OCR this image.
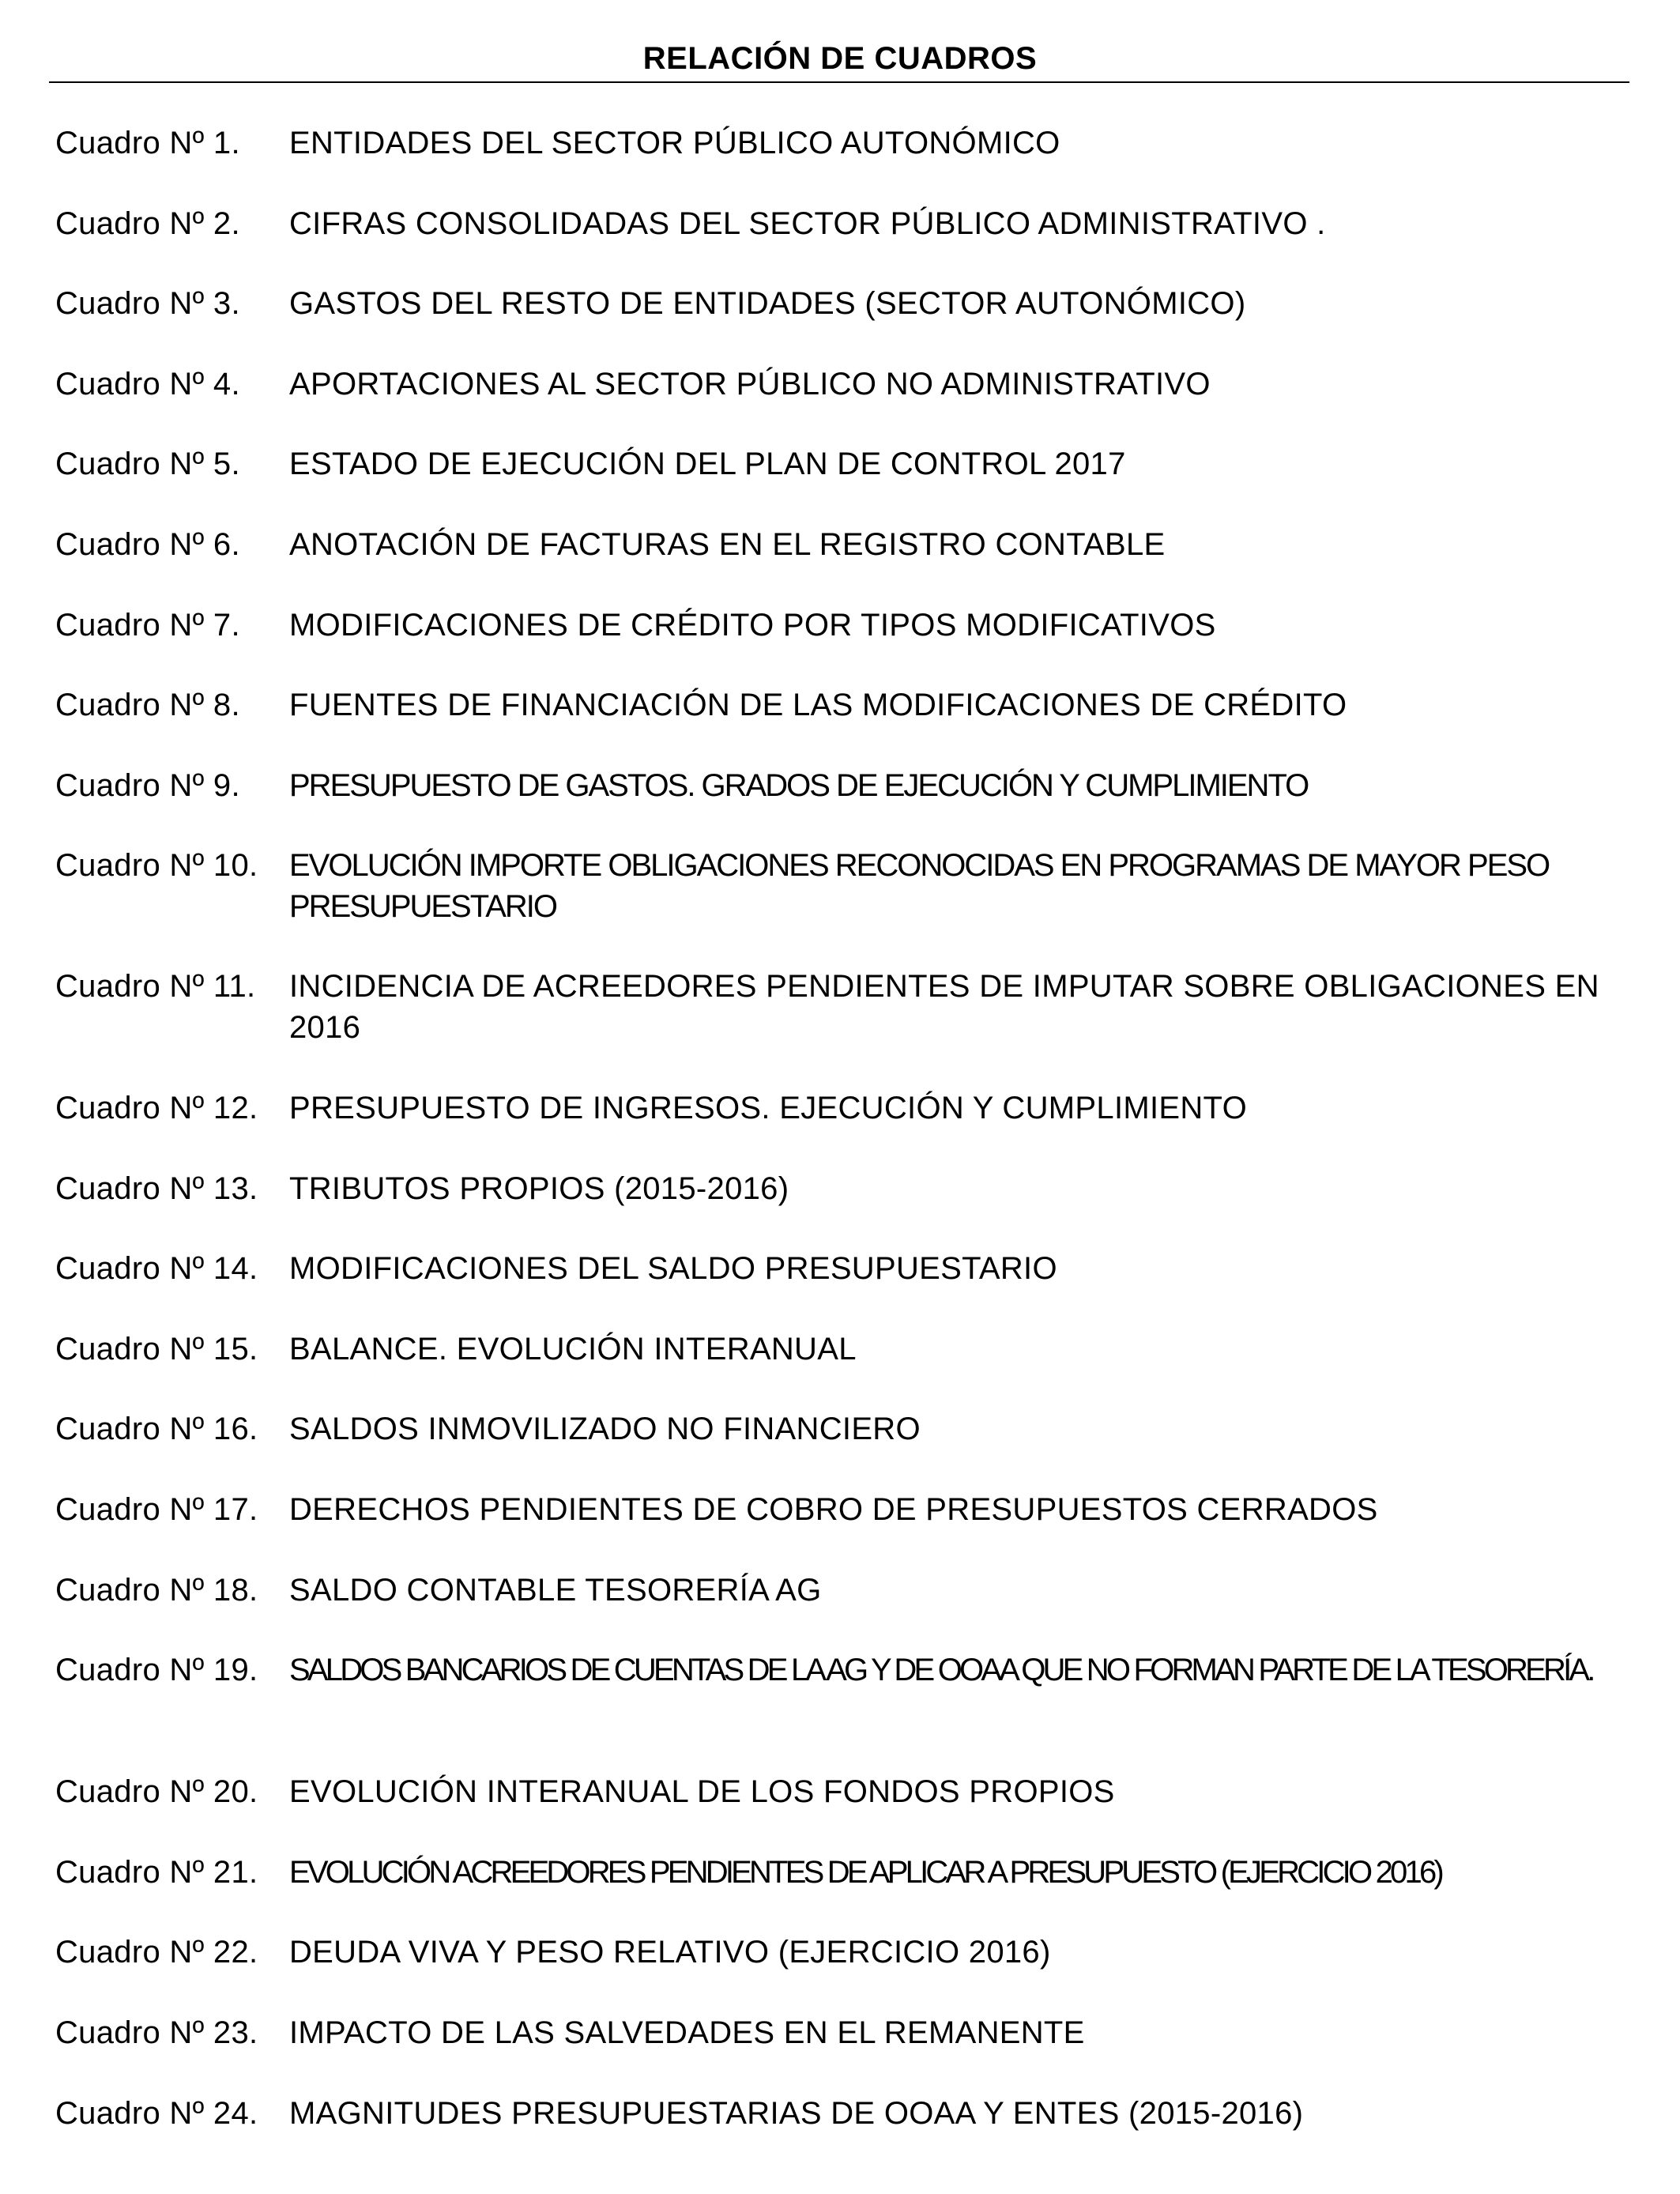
RELACIÓN DE CUADROS
Cuadro Nº 1.	ENTIDADES DEL SECTOR PÚBLICO AUTONÓMICO
Cuadro Nº 2.	CIFRAS CONSOLIDADAS DEL SECTOR PÚBLICO ADMINISTRATIVO .
Cuadro Nº 3.	GASTOS DEL RESTO DE ENTIDADES (SECTOR AUTONÓMICO)
Cuadro Nº 4.	APORTACIONES AL SECTOR PÚBLICO NO ADMINISTRATIVO
Cuadro Nº 5.	ESTADO DE EJECUCIÓN DEL PLAN DE CONTROL 2017
Cuadro Nº 6.	ANOTACIÓN DE FACTURAS EN EL REGISTRO CONTABLE
Cuadro Nº 7.	MODIFICACIONES DE CRÉDITO POR TIPOS MODIFICATIVOS
Cuadro Nº 8.	FUENTES DE FINANCIACIÓN DE LAS MODIFICACIONES DE CRÉDITO
Cuadro Nº 9.	PRESUPUESTO DE GASTOS. GRADOS DE EJECUCIÓN Y CUMPLIMIENTO
Cuadro Nº 10. EVOLUCIÓN IMPORTE OBLIGACIONES RECONOCIDAS EN PROGRAMAS DE MAYOR PESO PRESUPUESTARIO
Cuadro Nº 11.	INCIDENCIA DE ACREEDORES PENDIENTES DE IMPUTAR SOBRE OBLIGACIONES EN 2016
Cuadro Nº 12. PRESUPUESTO DE INGRESOS. EJECUCIÓN Y CUMPLIMIENTO
Cuadro Nº 13. TRIBUTOS PROPIOS (2015-2016)
Cuadro Nº 14. MODIFICACIONES DEL SALDO PRESUPUESTARIO
Cuadro Nº 15. BALANCE. EVOLUCIÓN INTERANUAL
Cuadro Nº 16. SALDOS INMOVILIZADO NO FINANCIERO
Cuadro Nº 17. DERECHOS PENDIENTES DE COBRO DE PRESUPUESTOS CERRADOS
Cuadro Nº 18. SALDO CONTABLE TESORERÍA AG
Cuadro Nº 19. SALDOS BANCARIOS DE CUENTAS DE LA AG Y DE OOAA QUE NO FORMAN PARTE DE LA TESORERÍA.
Cuadro Nº 20. EVOLUCIÓN INTERANUAL DE LOS FONDOS PROPIOS
Cuadro Nº 21. EVOLUCIÓN ACREEDORES PENDIENTES DE APLICAR A PRESUPUESTO (EJERCICIO 2016)
Cuadro Nº 22. DEUDA VIVA Y PESO RELATIVO (EJERCICIO 2016)
Cuadro Nº 23. IMPACTO DE LAS SALVEDADES EN EL REMANENTE
Cuadro Nº 24. MAGNITUDES PRESUPUESTARIAS DE OOAA Y ENTES (2015-2016)
